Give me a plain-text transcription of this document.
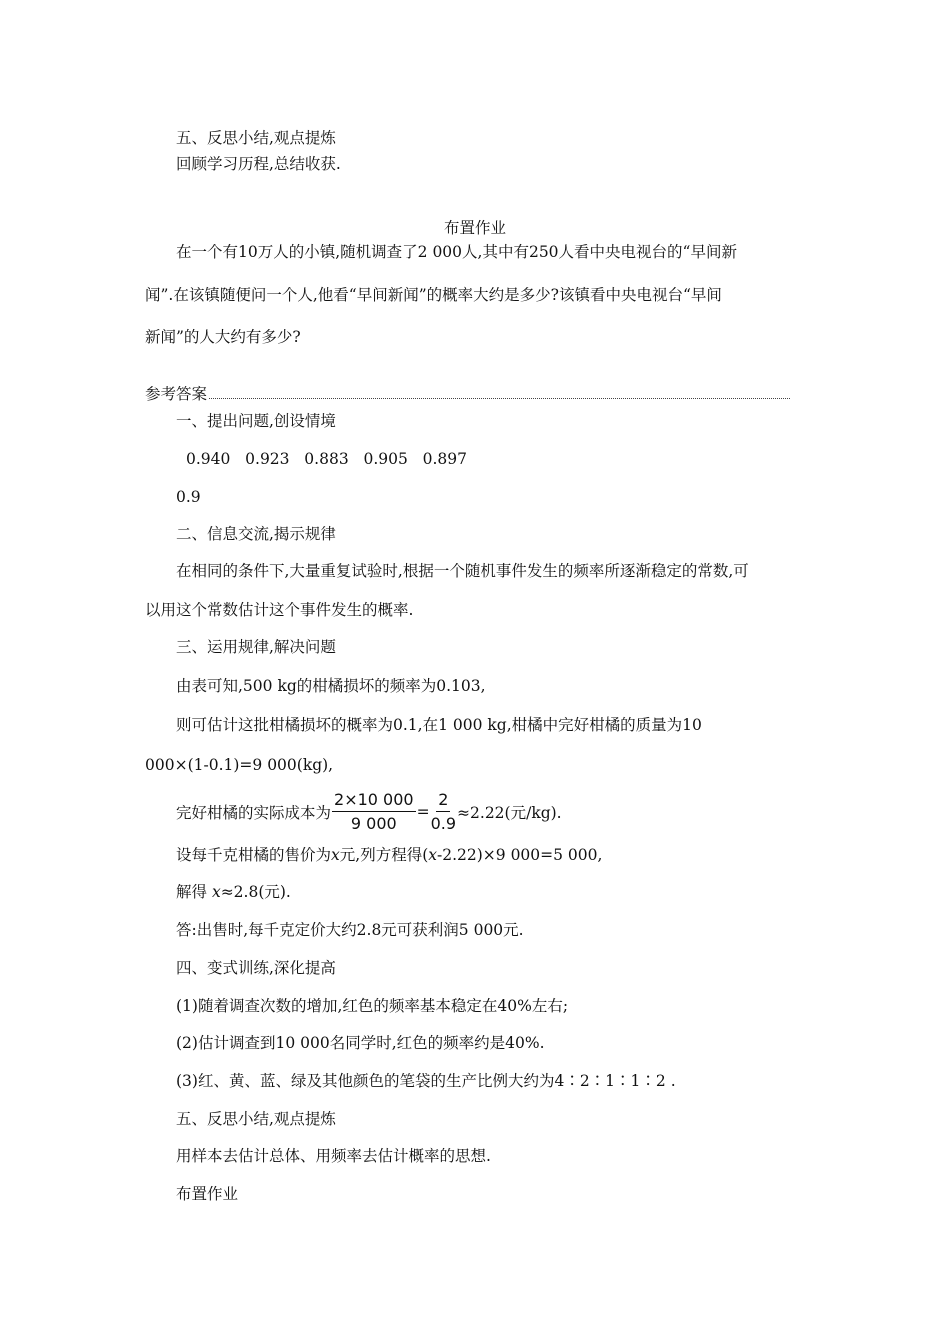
五、反思小结,观点提炼
回顾学习历程,总结收获.
布置作业
在一个有10万人的小镇,随机调查了2 000人,其中有250人看中央电视台的“早间新
闻”.在该镇随便问一个人,他看“早间新闻”的概率大约是多少?该镇看中央电视台“早间
新闻”的人大约有多少?
参考答案
一、提出问题,创设情境
0.940   0.923   0.883   0.905   0.897
0.9
二、信息交流,揭示规律
在相同的条件下,大量重复试验时,根据一个随机事件发生的频率所逐渐稳定的常数,可
以用这个常数估计这个事件发生的概率.
三、运用规律,解决问题
由表可知,500 kg的柑橘损坏的频率为0.103,
则可估计这批柑橘损坏的概率为0.1,在1 000 kg,柑橘中完好柑橘的质量为10
000×(1-0.1)=9 000(kg),
完好柑橘的实际成本为 $\frac{2\times 10 000}{9 000} = \frac{2}{0.9} \approx 2.22$(元/kg).
设每千克柑橘的售价为x元,列方程得(x-2.22)×9 000=5 000,
解得 x≈2.8(元).
答:出售时,每千克定价大约2.8元可获利润5 000元.
四、变式训练,深化提高
(1)随着调查次数的增加,红色的频率基本稳定在40%左右;
(2)估计调查到10 000名同学时,红色的频率约是40%.
(3)红、黄、蓝、绿及其他颜色的笔袋的生产比例大约为4∶2∶1∶1∶2 .
五、反思小结,观点提炼
用样本去估计总体、用频率去估计概率的思想.
布置作业
